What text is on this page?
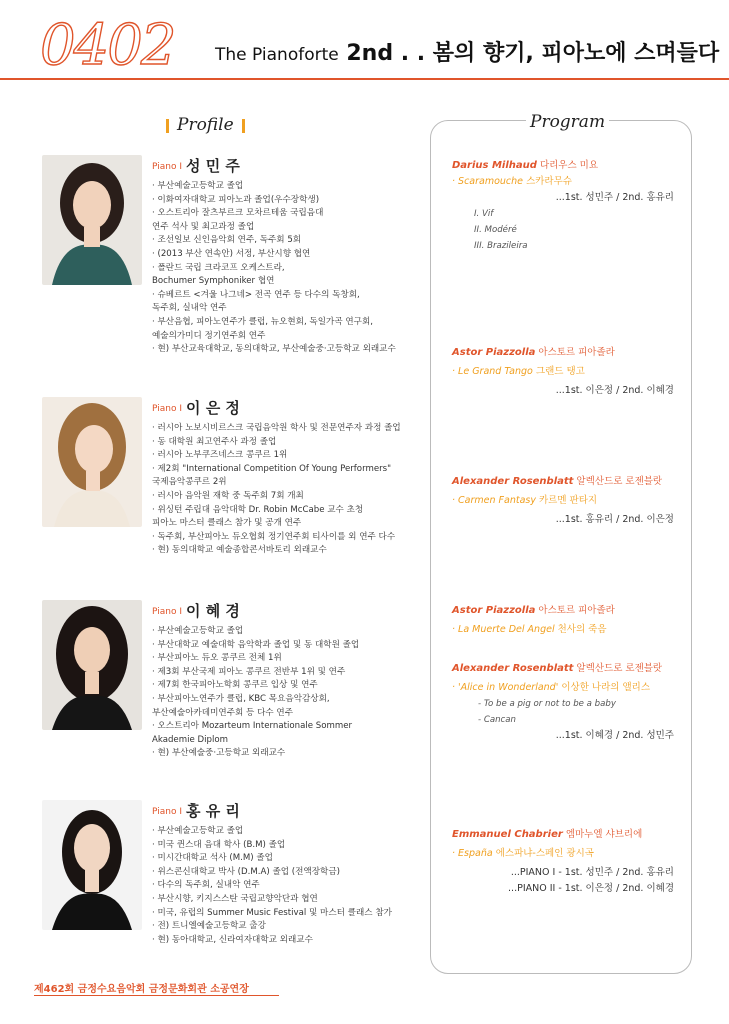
0402 The Pianoforte 2nd . . 봄의 향기, 피아노에 스며들다
Profile
Piano I 성 민 주
· 부산예술고등학교 졸업
· 이화여자대학교 피아노과 졸업(우수장학생)
· 오스트리아 잘츠부르크 모차르테움 국립음대
연주 석사 및 최고과정 졸업
· 조선일보 신인음악회 연주, 독주회 5회
· (2013 부산 연속안) 서정, 부산시향 협연
· 폴란드 국립 크라코프 오케스트라,
Bochumer Symphoniker 협연
· 슈베르트 <겨울 나그네> 전곡 연주 등 다수의 독창회,
독주회, 실내악 연주
· 부산음협, 피아노연주가 클럽, 뉴오현회, 독일가곡 연구회,
예술의가미디 정기연주회 연주
· 현) 부산교육대학교, 동의대학교, 부산예술중·고등학교 외래교수
Piano I 이 은 정
· 러시아 노보시비르스크 국립음악원 학사 및 전문연주자 과정 졸업
· 동 대학원 최고연주사 과정 졸업
· 러시아 노부쿠즈네스크 콩쿠르 1위
· 제2회 "International Competition Of Young Performers"
국제음악콩쿠르 2위
· 러시아 음악원 재학 중 독주회 7회 개최
· 위싱턴 주립대 음악대학 Dr. Robin McCabe 교수 초청
피아노 마스터 클래스 참가 및 공개 연주
· 독주회, 부산피아노 듀오협회 정기연주회 티사이를 외 연주 다수
· 현) 동의대학교 예술종합콘서바토리 외래교수
Piano I 이 혜 경
· 부산예술고등학교 졸업
· 부산대학교 예술대학 음악학과 졸업 및 동 대학원 졸업
· 부산피아노 듀오 콩쿠르 전체 1위
· 제3회 부산국제 피아노 콩쿠르 전반부 1위 및 연주
· 제7회 한국피아노학회 콩쿠르 입상 및 연주
· 부산피아노연주가 클럽, KBC 목요음악감상회,
부산예술아카데미연주회 등 다수 연주
· 오스트리아 Mozarteum Internationale Sommer
Akademie Diplom
· 현) 부산예술중·고등학교 외래교수
Piano I 홍 유 리
· 부산예술고등학교 졸업
· 미국 퀸스대 음대 학사 (B.M) 졸업
· 미시간대학교 석사 (M.M) 졸업
· 위스콘신대학교 박사 (D.M.A) 졸업 (전액장학금)
· 다수의 독주회, 실내악 연주
· 부산시향, 키지스스탄 국립교향악단과 협연
· 미국, 유럽의 Summer Music Festival 및 마스터 클래스 참가
· 전) 트니엘예술고등학교 출강
· 현) 동아대학교, 신라여자대학교 외래교수
Program
Darius Milhaud 다리우스 미요
· Scaramouche 스카라무슈
...1st. 성민주 / 2nd. 홍유리
I. Vif
II. Modéré
III. Brazileira
Astor Piazzolla 아스토르 피아졸라
· Le Grand Tango 그랜드 탱고
...1st. 이은정 / 2nd. 이혜경
Alexander Rosenblatt 알렉산드로 로젠블랏
· Carmen Fantasy 카르멘 판타지
...1st. 홍유리 / 2nd. 이은정
Astor Piazzolla 아스토르 피아졸라
· La Muerte Del Angel 천사의 죽음
Alexander Rosenblatt 알렉산드로 로젠블랏
· 'Alice in Wonderland' 이상한 나라의 앨리스
- To be a pig or not to be a baby
- Cancan
...1st. 이혜경 / 2nd. 성민주
Emmanuel Chabrier 엠마누엘 샤브리에
· España 에스파냐-스페인 광시곡
...PIANO I - 1st. 성민주 / 2nd. 홍유리
...PIANO II - 1st. 이은정 / 2nd. 이혜경
제462회 금정수요음악회 금정문화회관 소공연장
